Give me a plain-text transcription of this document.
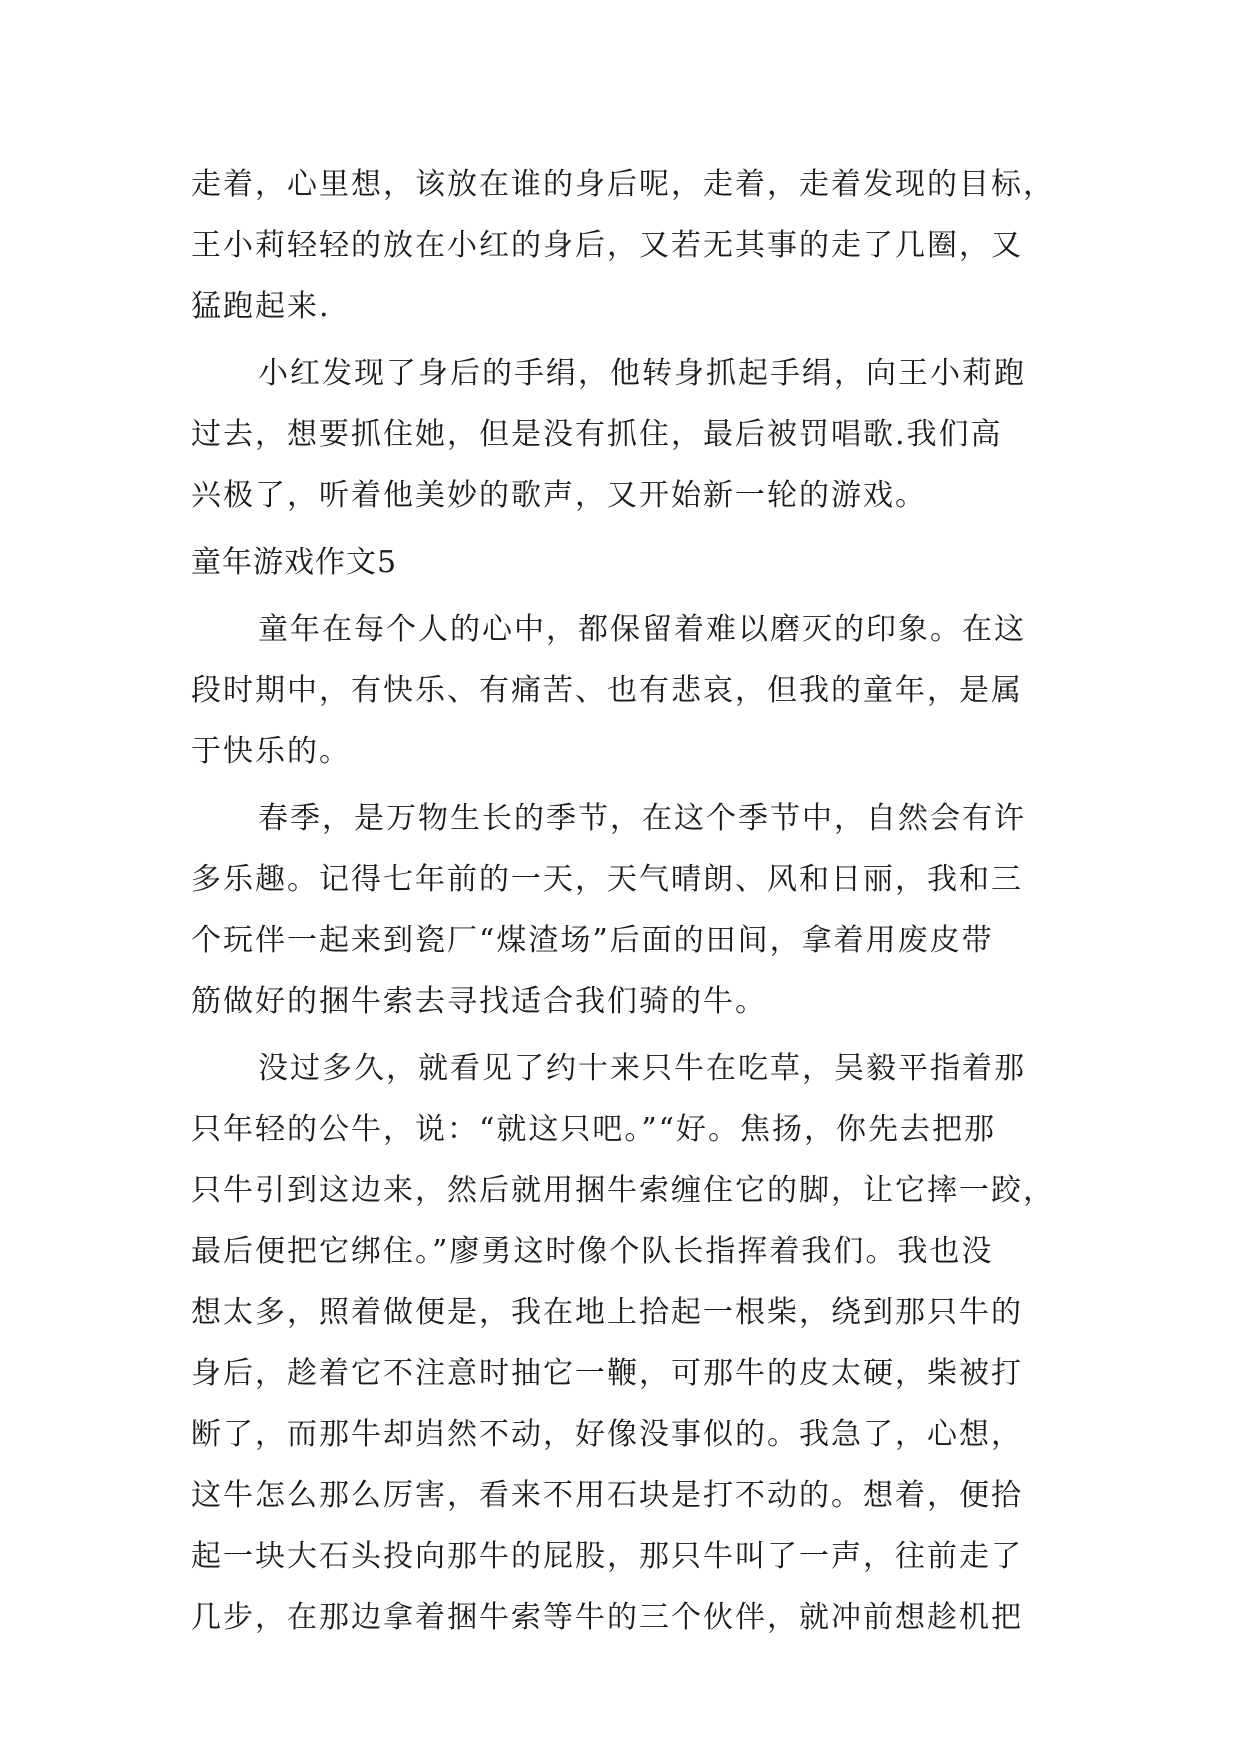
走着，心里想，该放在谁的身后呢，走着，走着发现的目标，
王小莉轻轻的放在小红的身后，又若无其事的走了几圈，又
猛跑起来.
小红发现了身后的手绢，他转身抓起手绢，向王小莉跑
过去，想要抓住她，但是没有抓住，最后被罚唱歌.我们高
兴极了，听着他美妙的歌声，又开始新一轮的游戏。
童年游戏作文5
童年在每个人的心中，都保留着难以磨灭的印象。在这
段时期中，有快乐、有痛苦、也有悲哀，但我的童年，是属
于快乐的。
春季，是万物生长的季节，在这个季节中，自然会有许
多乐趣。记得七年前的一天，天气晴朗、风和日丽，我和三
个玩伴一起来到瓷厂“煤渣场”后面的田间，拿着用废皮带
筋做好的捆牛索去寻找适合我们骑的牛。
没过多久，就看见了约十来只牛在吃草，吴毅平指着那
只年轻的公牛，说：“就这只吧。”“好。焦扬，你先去把那
只牛引到这边来，然后就用捆牛索缠住它的脚，让它摔一跤，
最后便把它绑住。”廖勇这时像个队长指挥着我们。我也没
想太多，照着做便是，我在地上拾起一根柴，绕到那只牛的
身后，趁着它不注意时抽它一鞭，可那牛的皮太硬，柴被打
断了，而那牛却岿然不动，好像没事似的。我急了，心想，
这牛怎么那么厉害，看来不用石块是打不动的。想着，便拾
起一块大石头投向那牛的屁股，那只牛叫了一声，往前走了
几步，在那边拿着捆牛索等牛的三个伙伴，就冲前想趁机把
